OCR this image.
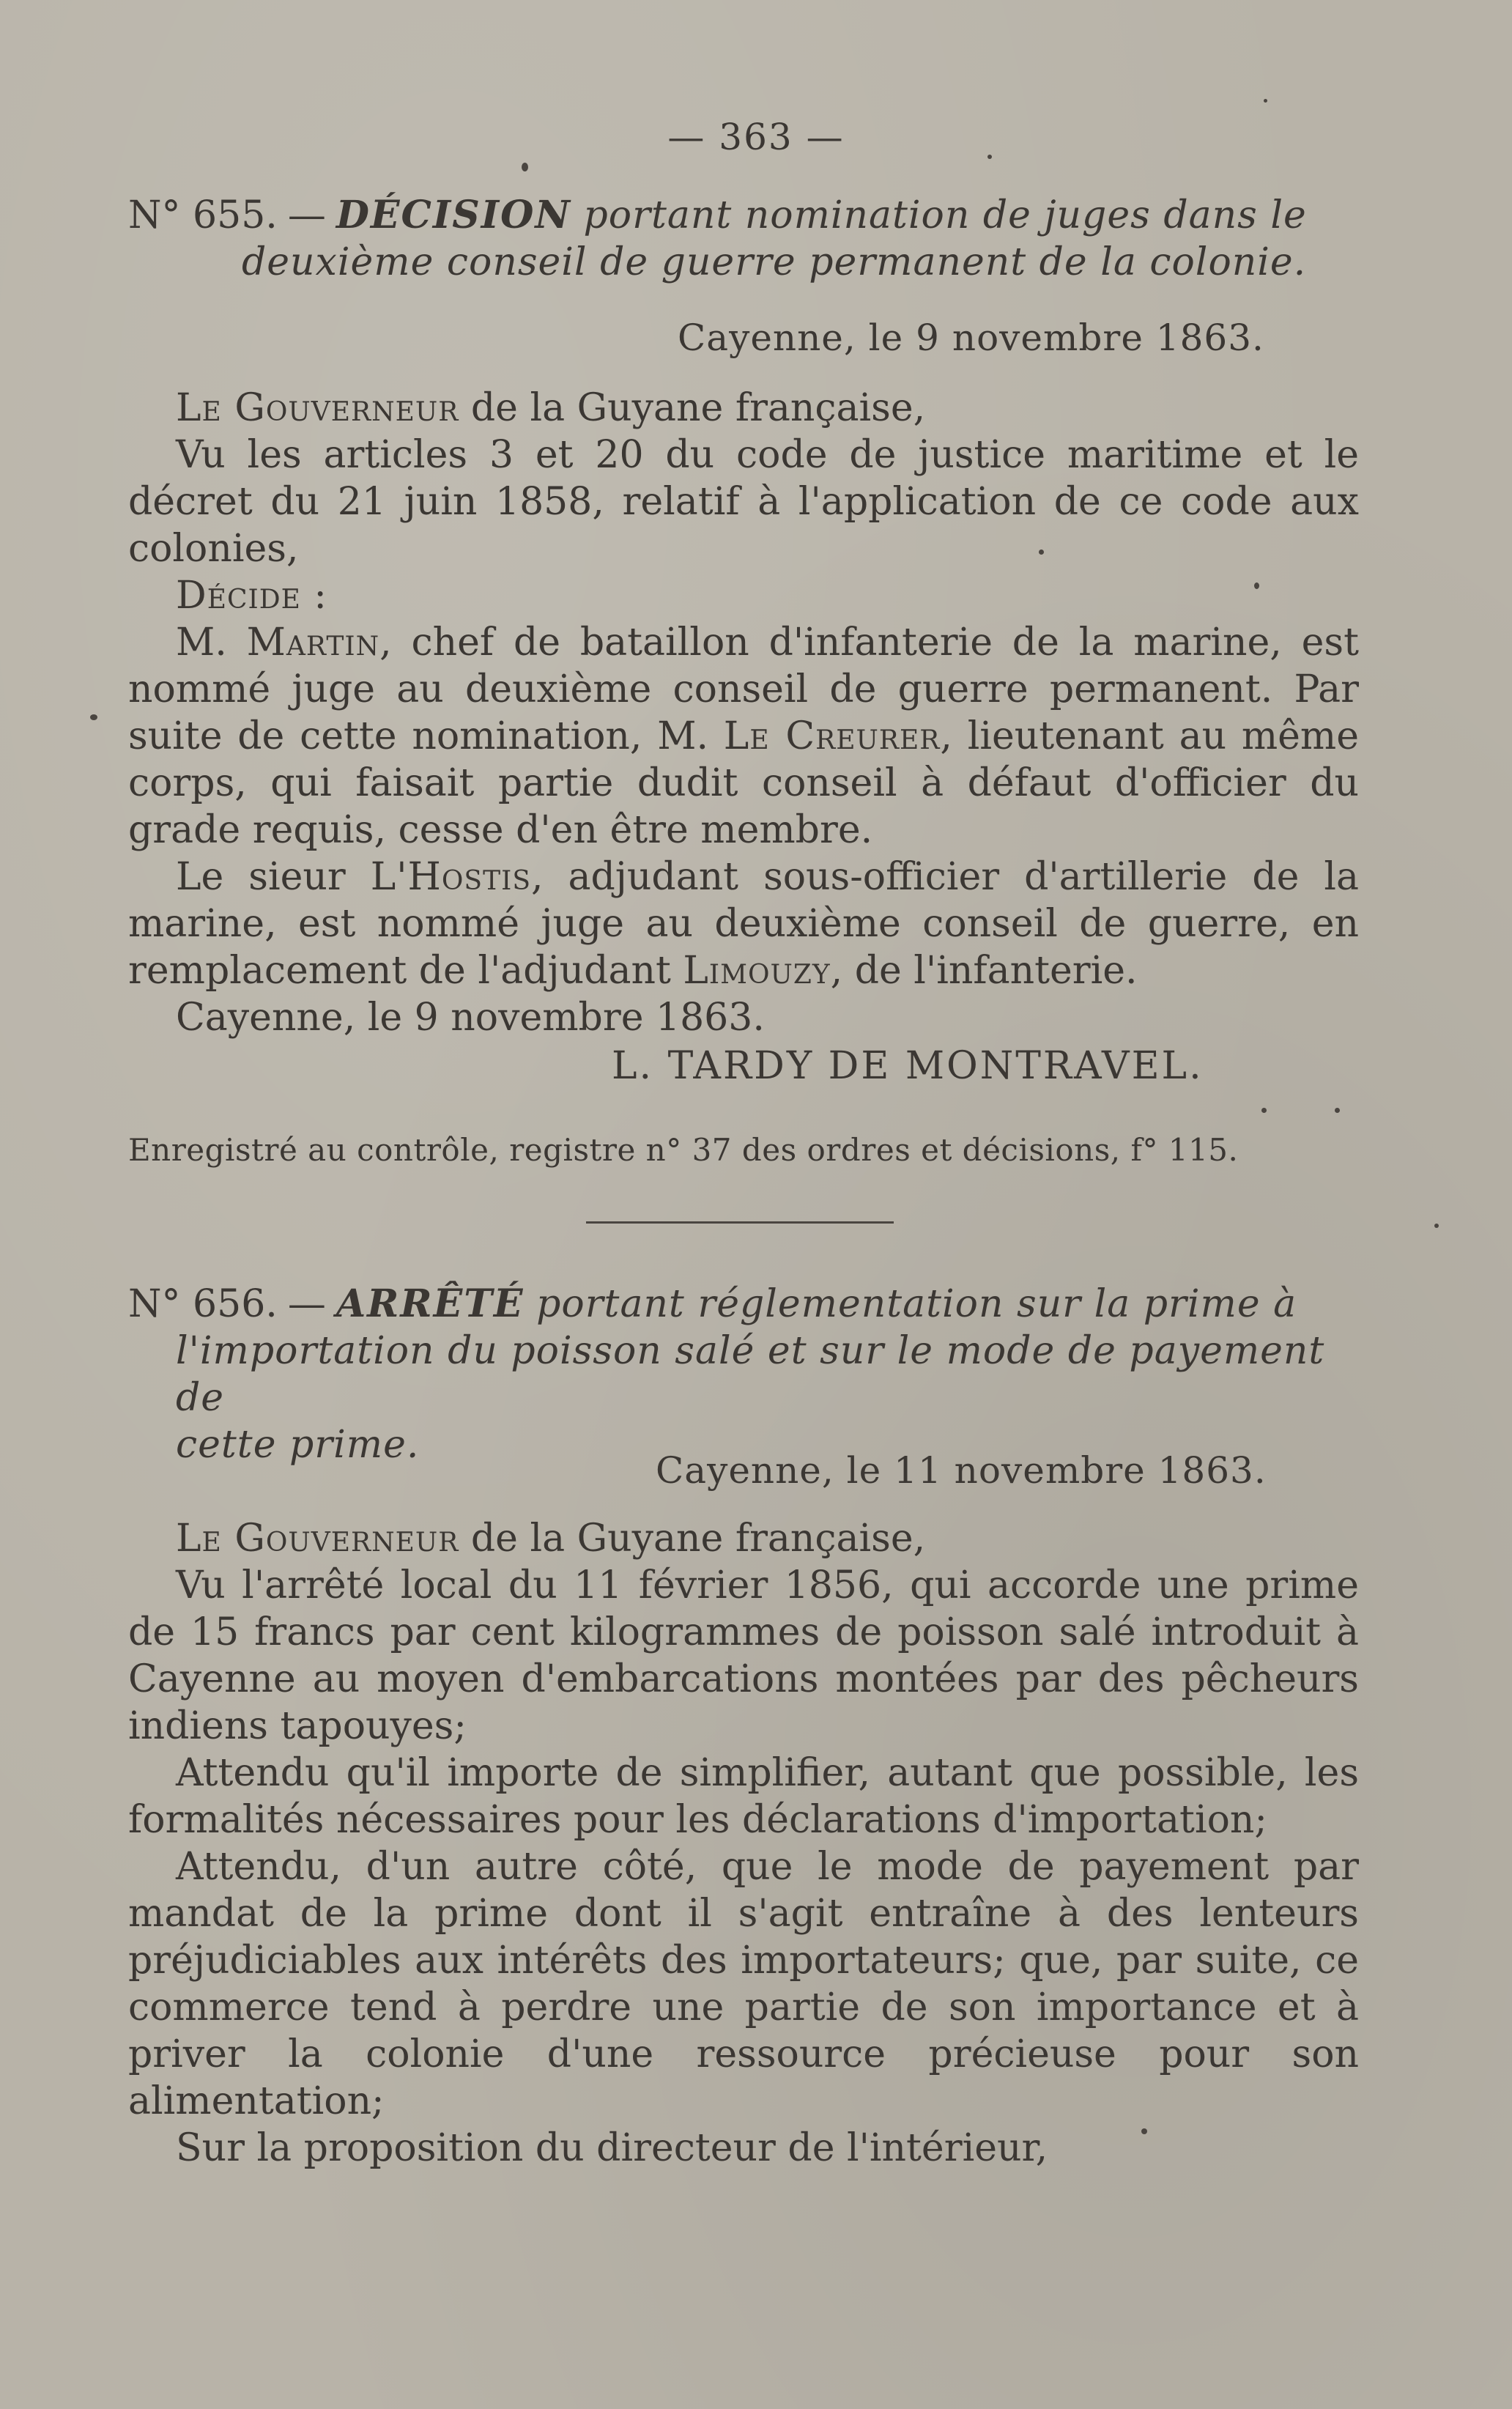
— 363 —

N° 655. — DÉCISION portant nomination de juges dans le
deuxième conseil de guerre permanent de la colonie.

Cayenne, le 9 novembre 1863.

Le Gouverneur de la Guyane française,

Vu les articles 3 et 20 du code de justice maritime et le décret du 21 juin 1858, relatif à l'application de ce code aux colonies,

Décide :

M. Martin, chef de bataillon d'infanterie de la marine, est nommé juge au deuxième conseil de guerre permanent. Par suite de cette nomination, M. Le Creurer, lieutenant au même corps, qui faisait partie dudit conseil à défaut d'officier du grade requis, cesse d'en être membre.

Le sieur L'Hostis, adjudant sous-officier d'artillerie de la marine, est nommé juge au deuxième conseil de guerre, en remplacement de l'adjudant Limouzy, de l'infanterie.

Cayenne, le 9 novembre 1863.

L. TARDY DE MONTRAVEL.
Enregistré au contrôle, registre n° 37 des ordres et décisions, f° 115.

N° 656. — ARRÊTÉ portant réglementation sur la prime à
l'importation du poisson salé et sur le mode de payement de
cette prime.

Cayenne, le 11 novembre 1863.

Le Gouverneur de la Guyane française,

Vu l'arrêté local du 11 février 1856, qui accorde une prime de 15 francs par cent kilogrammes de poisson salé introduit à Cayenne au moyen d'embarcations montées par des pêcheurs indiens tapouyes;

Attendu qu'il importe de simplifier, autant que possible, les formalités nécessaires pour les déclarations d'importation;

Attendu, d'un autre côté, que le mode de payement par mandat de la prime dont il s'agit entraîne à des lenteurs préjudiciables aux intérêts des importateurs; que, par suite, ce commerce tend à perdre une partie de son importance et à priver la colonie d'une ressource précieuse pour son alimentation;

Sur la proposition du directeur de l'intérieur,
